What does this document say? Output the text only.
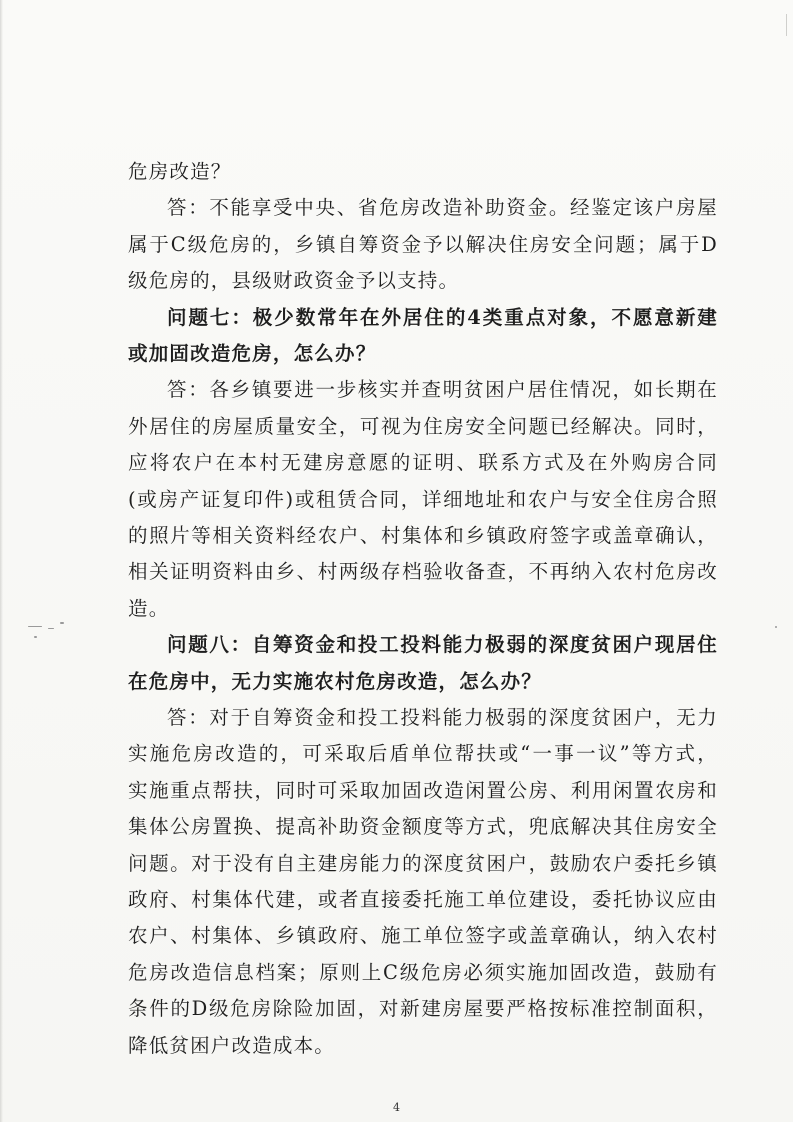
危房改造？
答：不能享受中央、省危房改造补助资金。经鉴定该户房屋
属于C级危房的，乡镇自筹资金予以解决住房安全问题；属于D
级危房的，县级财政资金予以支持。
问题七：极少数常年在外居住的4类重点对象，不愿意新建
或加固改造危房，怎么办？
答：各乡镇要进一步核实并查明贫困户居住情况，如长期在
外居住的房屋质量安全，可视为住房安全问题已经解决。同时，
应将农户在本村无建房意愿的证明、联系方式及在外购房合同
(或房产证复印件)或租赁合同，详细地址和农户与安全住房合照
的照片等相关资料经农户、村集体和乡镇政府签字或盖章确认，
相关证明资料由乡、村两级存档验收备查，不再纳入农村危房改
造。
问题八：自筹资金和投工投料能力极弱的深度贫困户现居住
在危房中，无力实施农村危房改造，怎么办？
答：对于自筹资金和投工投料能力极弱的深度贫困户，无力
实施危房改造的，可采取后盾单位帮扶或“一事一议”等方式，
实施重点帮扶，同时可采取加固改造闲置公房、利用闲置农房和
集体公房置换、提高补助资金额度等方式，兜底解决其住房安全
问题。对于没有自主建房能力的深度贫困户，鼓励农户委托乡镇
政府、村集体代建，或者直接委托施工单位建设，委托协议应由
农户、村集体、乡镇政府、施工单位签字或盖章确认，纳入农村
危房改造信息档案；原则上C级危房必须实施加固改造，鼓励有
条件的D级危房除险加固，对新建房屋要严格按标准控制面积，
降低贫困户改造成本。
4
